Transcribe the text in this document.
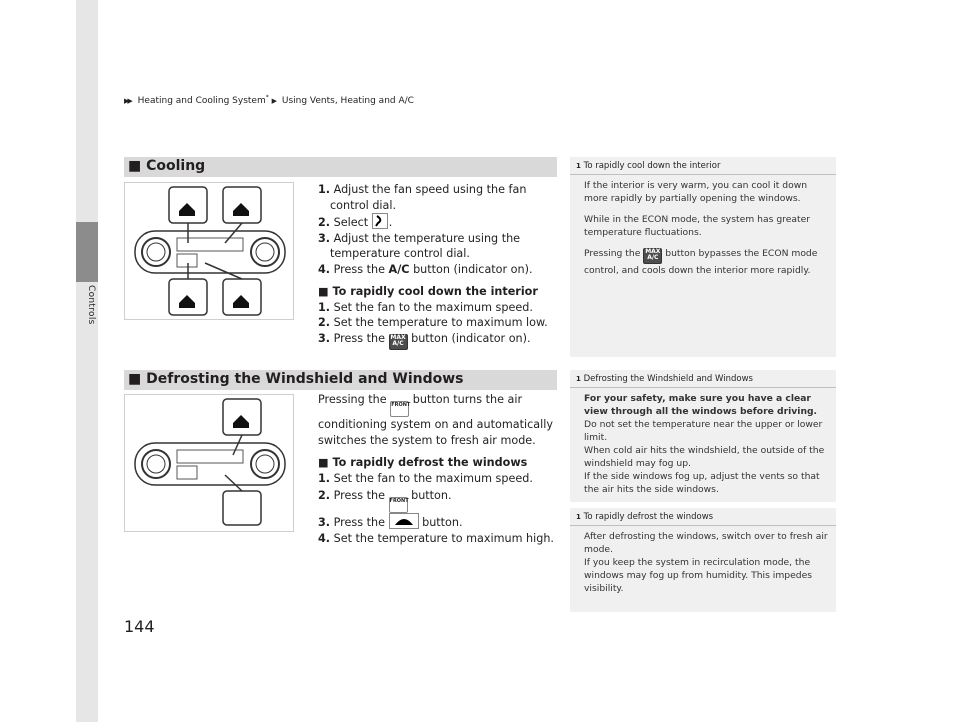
Controls
▶▶ Heating and Cooling System* ▶ Using Vents, Heating and A/C
■ Cooling

1. Adjust the fan speed using the fan control dial.

2. Select .

3. Adjust the temperature using the temperature control dial.

4. Press the A/C button (indicator on).

■ To rapidly cool down the interior

1. Set the fan to the maximum speed.

2. Set the temperature to maximum low.

3. Press the MAX
A/C button (indicator on).

■ Defrosting the Windshield and Windows

Pressing the FRONT button turns the air conditioning system on and automatically switches the system to fresh air mode.

■ To rapidly defrost the windows

1. Set the fan to the maximum speed.

2. Press the FRONT button.

3. Press the	button.

4. Set the temperature to maximum high.

1 To rapidly cool down the interior

If the interior is very warm, you can cool it down more rapidly by partially opening the windows.

While in the ECON mode, the system has greater temperature fluctuations.

Pressing the MAX
A/C button bypasses the ECON mode control, and cools down the interior more rapidly.

1 Defrosting the Windshield and Windows

For your safety, make sure you have a clear view through all the windows before driving.

Do not set the temperature near the upper or lower limit.

When cold air hits the windshield, the outside of the windshield may fog up.

If the side windows fog up, adjust the vents so that the air hits the side windows.

1 To rapidly defrost the windows

After defrosting the windows, switch over to fresh air mode.

If you keep the system in recirculation mode, the windows may fog up from humidity. This impedes visibility.

144
